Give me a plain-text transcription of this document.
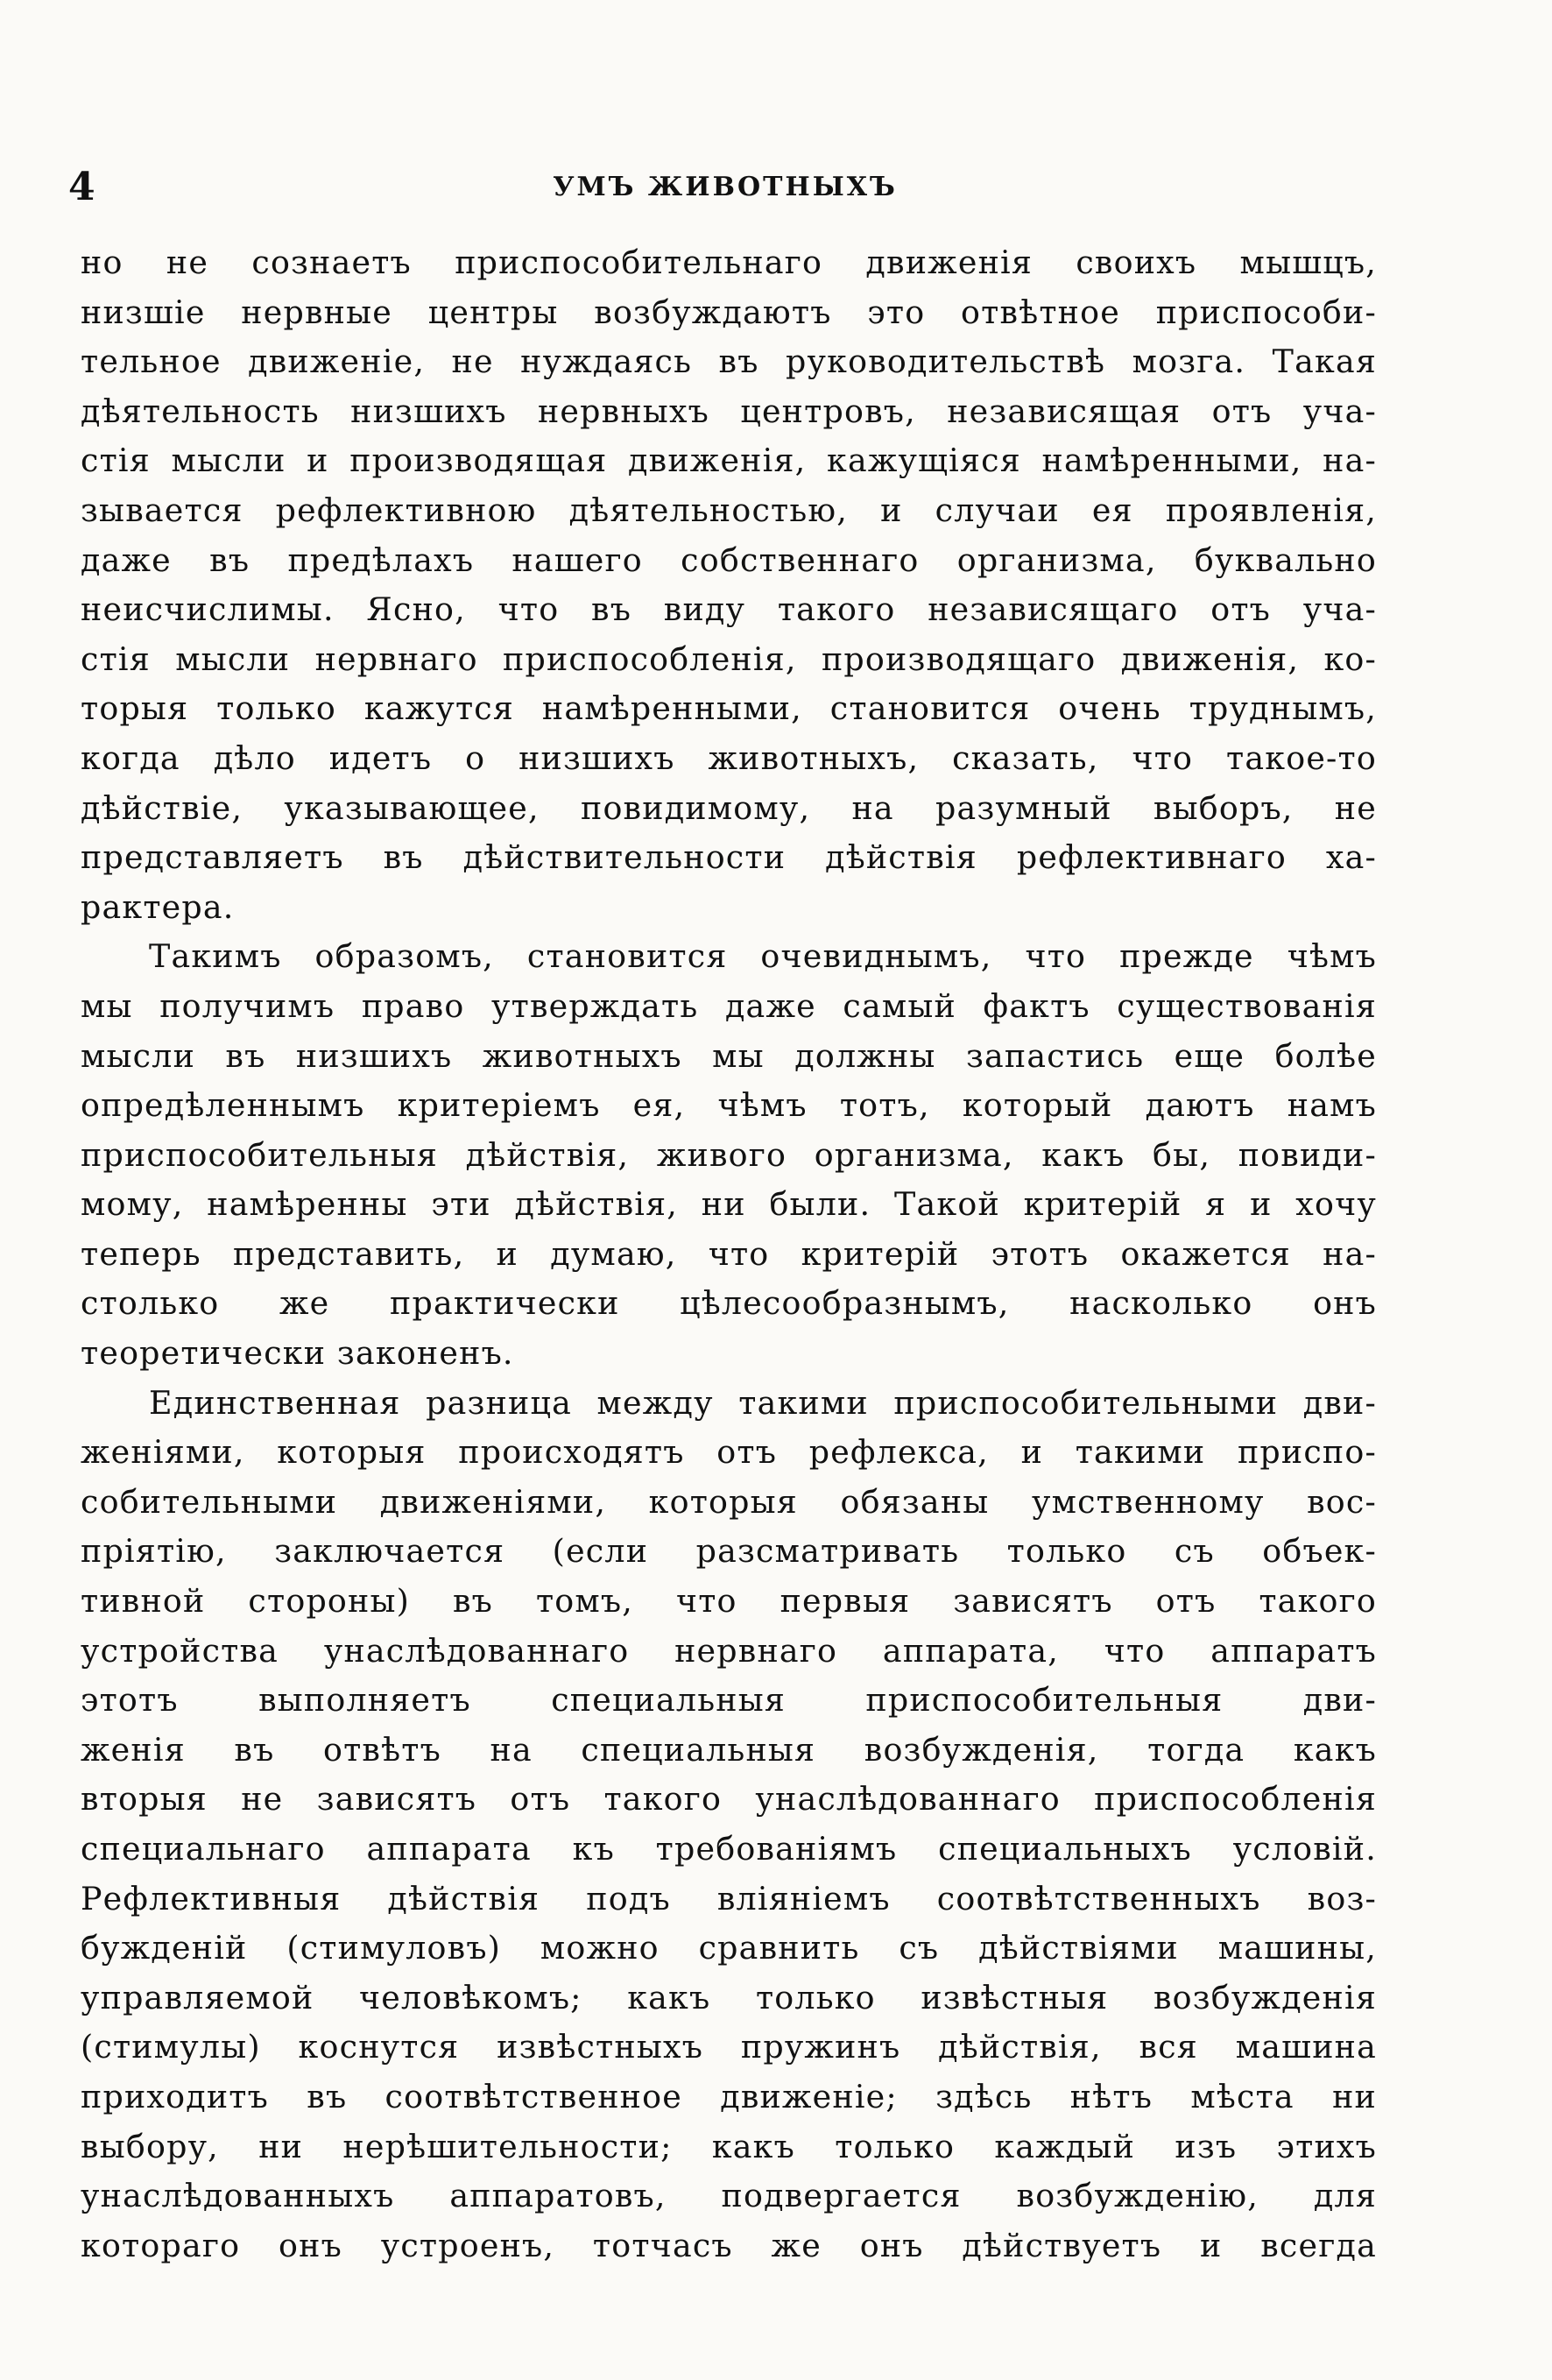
4	УМЪ ЖИВОТНЫХЪ
но не сознаетъ приспособительнаго движенія своихъ мышцъ,
низшіе нервные центры возбуждаютъ это отвѣтное приспособи-
тельное движеніе, не нуждаясь въ руководительствѣ мозга. Такая
дѣятельность низшихъ нервныхъ центровъ, независящая отъ уча-
стія мысли и производящая движенія, кажущіяся намѣренными, на-
зывается рефлективною дѣятельностью, и случаи ея проявленія,
даже въ предѣлахъ нашего собственнаго организма, буквально
неисчислимы. Ясно, что въ виду такого независящаго отъ уча-
стія мысли нервнаго приспособленія, производящаго движенія, ко-
торыя только кажутся намѣренными, становится очень труднымъ,
когда дѣло идетъ о низшихъ животныхъ, сказать, что такое-то
дѣйствіе, указывающее, повидимому, на разумный выборъ, не
представляетъ въ дѣйствительности дѣйствія рефлективнаго ха-
рактера.
Такимъ образомъ, становится очевиднымъ, что прежде чѣмъ
мы получимъ право утверждать даже самый фактъ существованія
мысли въ низшихъ животныхъ мы должны запастись еще болѣе
опредѣленнымъ критеріемъ ея, чѣмъ тотъ, который даютъ намъ
приспособительныя дѣйствія, живого организма, какъ бы, повиди-
мому, намѣренны эти дѣйствія, ни были. Такой критерій я и хочу
теперь представить, и думаю, что критерій этотъ окажется на-
столько же практически цѣлесообразнымъ, насколько онъ
теоретически законенъ.
Единственная разница между такими приспособительными дви-
женіями, которыя происходятъ отъ рефлекса, и такими приспо-
собительными движеніями, которыя обязаны умственному вос-
пріятію, заключается (если разсматривать только съ объек-
тивной стороны) въ томъ, что первыя зависятъ отъ такого
устройства унаслѣдованнаго нервнаго аппарата, что аппаратъ
этотъ выполняетъ специальныя приспособительныя дви-
женія въ отвѣтъ на специальныя возбужденія, тогда какъ
вторыя не зависятъ отъ такого унаслѣдованнаго приспособленія
специальнаго аппарата къ требованіямъ специальныхъ условій.
Рефлективныя дѣйствія подъ вліяніемъ соотвѣтственныхъ воз-
бужденій (стимуловъ) можно сравнить съ дѣйствіями машины,
управляемой человѣкомъ; какъ только извѣстныя возбужденія
(стимулы) коснутся извѣстныхъ пружинъ дѣйствія, вся машина
приходитъ въ соотвѣтственное движеніе; здѣсь нѣтъ мѣста ни
выбору, ни нерѣшительности; какъ только каждый изъ этихъ
унаслѣдованныхъ аппаратовъ, подвергается возбужденію, для
котораго онъ устроенъ, тотчасъ же онъ дѣйствуетъ и всегда
